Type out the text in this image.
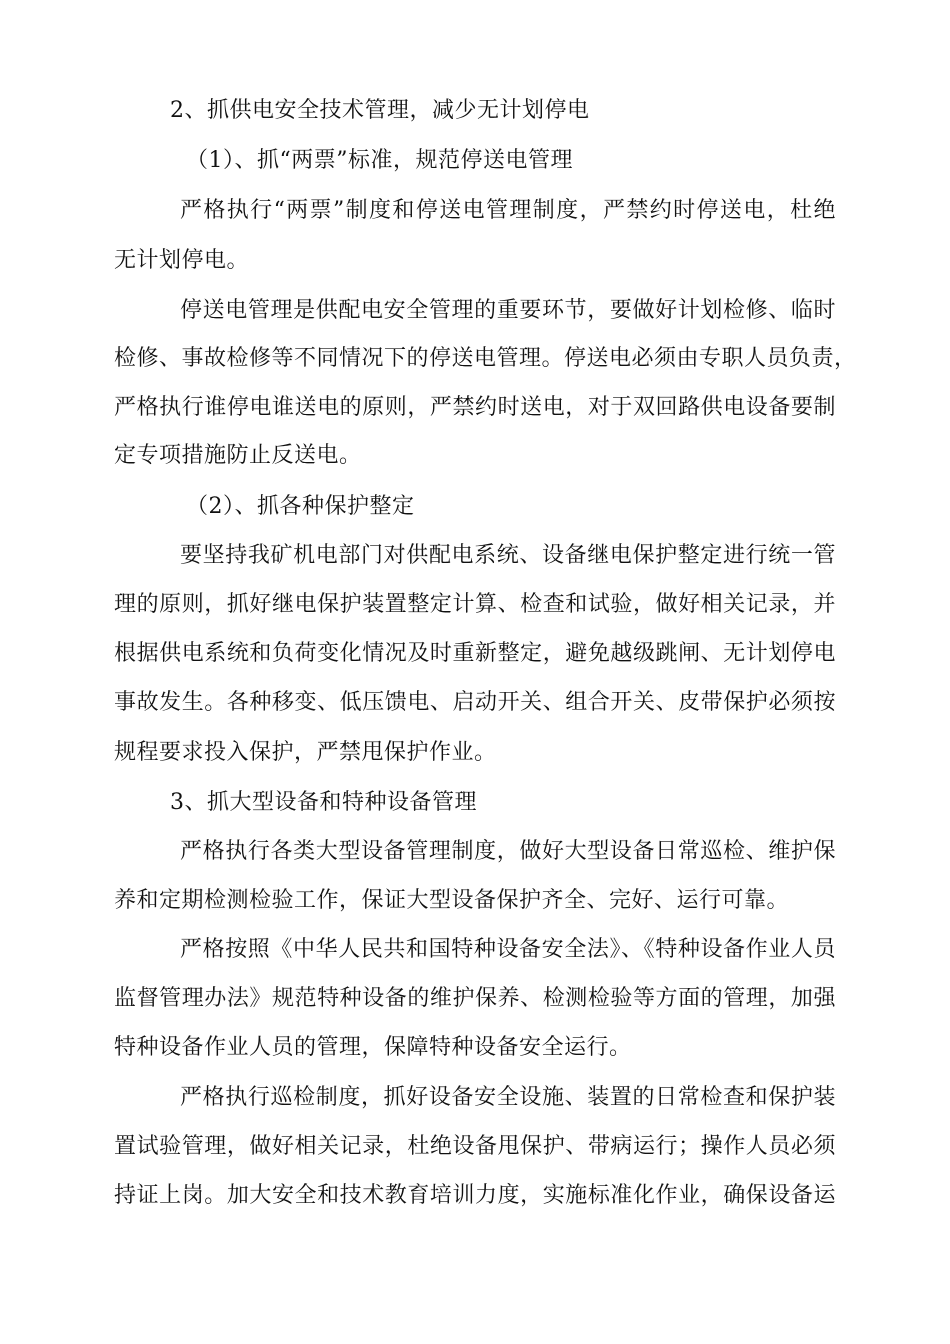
2、抓供电安全技术管理，减少无计划停电
（1）、抓“两票”标准，规范停送电管理
严格执行“两票”制度和停送电管理制度，严禁约时停送电，杜绝
无计划停电。
停送电管理是供配电安全管理的重要环节，要做好计划检修、临时
检修、事故检修等不同情况下的停送电管理。停送电必须由专职人员负责，
严格执行谁停电谁送电的原则，严禁约时送电，对于双回路供电设备要制
定专项措施防止反送电。
（2）、抓各种保护整定
要坚持我矿机电部门对供配电系统、设备继电保护整定进行统一管
理的原则，抓好继电保护装置整定计算、检查和试验，做好相关记录，并
根据供电系统和负荷变化情况及时重新整定，避免越级跳闸、无计划停电
事故发生。各种移变、低压馈电、启动开关、组合开关、皮带保护必须按
规程要求投入保护，严禁甩保护作业。
3、抓大型设备和特种设备管理
严格执行各类大型设备管理制度，做好大型设备日常巡检、维护保
养和定期检测检验工作，保证大型设备保护齐全、完好、运行可靠。
严格按照《中华人民共和国特种设备安全法》、《特种设备作业人员
监督管理办法》规范特种设备的维护保养、检测检验等方面的管理，加强
特种设备作业人员的管理，保障特种设备安全运行。
严格执行巡检制度，抓好设备安全设施、装置的日常检查和保护装
置试验管理，做好相关记录，杜绝设备甩保护、带病运行；操作人员必须
持证上岗。加大安全和技术教育培训力度，实施标准化作业，确保设备运
